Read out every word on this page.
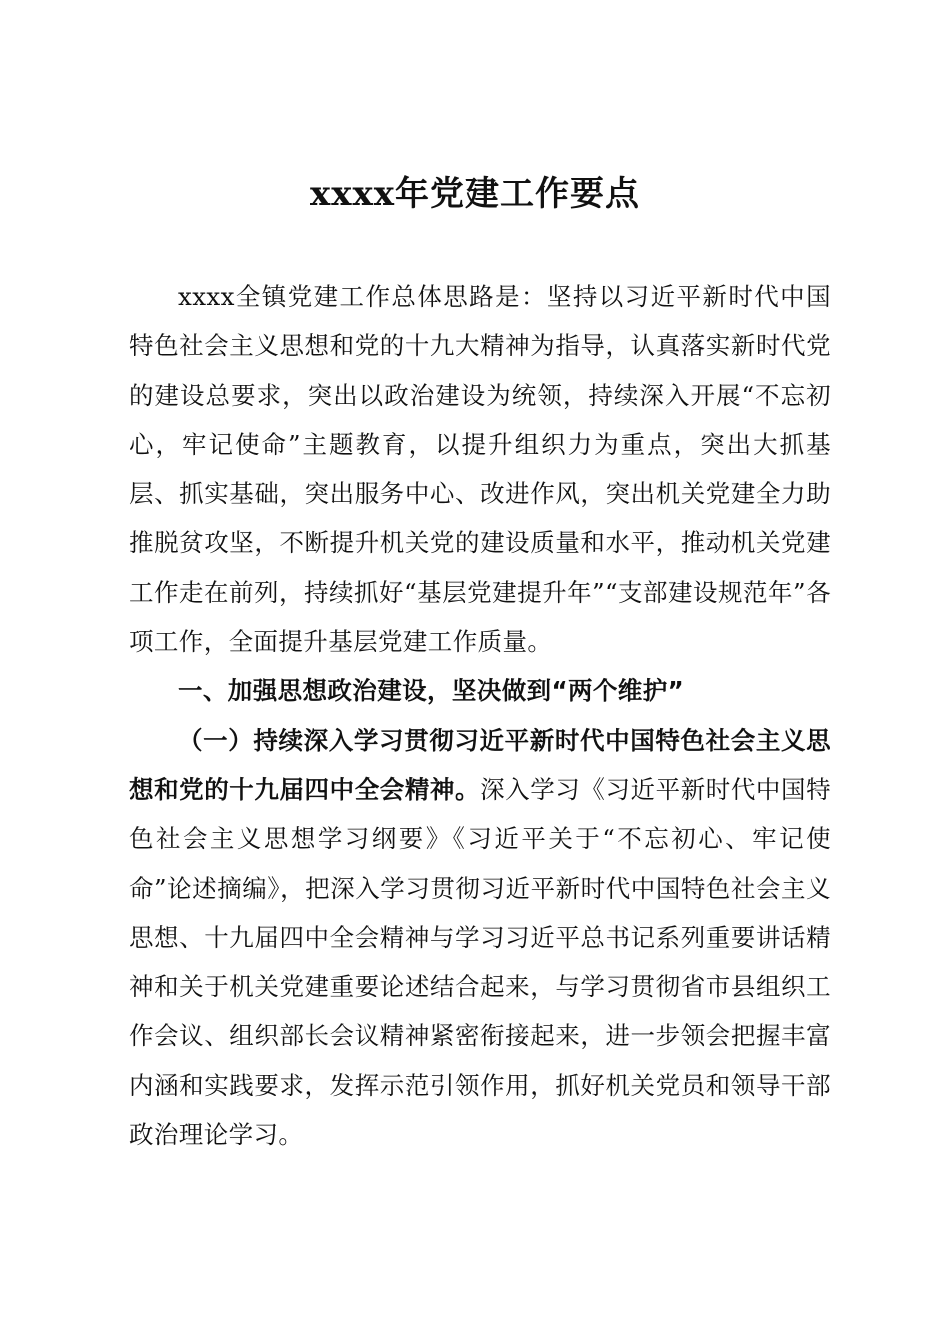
xxxx年党建工作要点

xxxx全镇党建工作总体思路是：坚持以习近平新时代中国特色社会主义思想和党的十九大精神为指导，认真落实新时代党的建设总要求，突出以政治建设为统领，持续深入开展“不忘初心，牢记使命”主题教育，以提升组织力为重点，突出大抓基层、抓实基础，突出服务中心、改进作风，突出机关党建全力助推脱贫攻坚，不断提升机关党的建设质量和水平，推动机关党建工作走在前列，持续抓好“基层党建提升年”“支部建设规范年”各项工作，全面提升基层党建工作质量。

一、加强思想政治建设，坚决做到“两个维护”

（一）持续深入学习贯彻习近平新时代中国特色社会主义思想和党的十九届四中全会精神。深入学习《习近平新时代中国特色社会主义思想学习纲要》《习近平关于“不忘初心、牢记使命”论述摘编》，把深入学习贯彻习近平新时代中国特色社会主义思想、十九届四中全会精神与学习习近平总书记系列重要讲话精神和关于机关党建重要论述结合起来，与学习贯彻省市县组织工作会议、组织部长会议精神紧密衔接起来，进一步领会把握丰富内涵和实践要求，发挥示范引领作用，抓好机关党员和领导干部政治理论学习。
